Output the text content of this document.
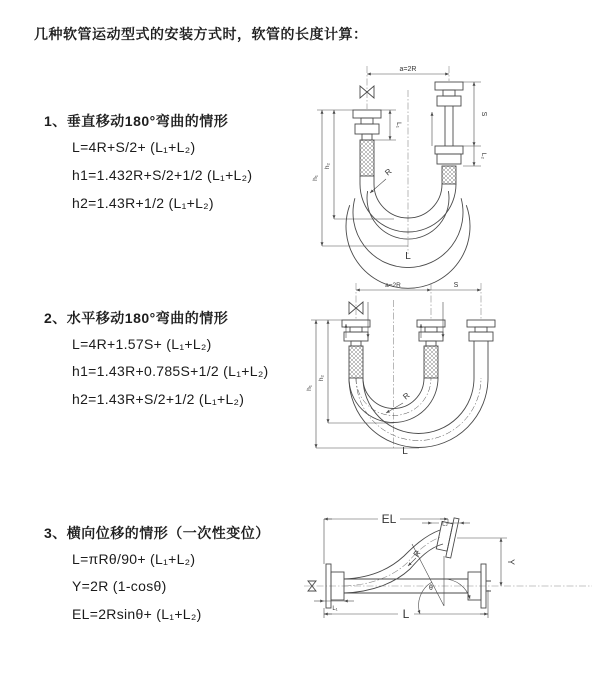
几种软管运动型式的安装方式时，软管的长度计算：
1、垂直移动180°弯曲的情形
L=4R+S/2+ (L₁+L₂)
h1=1.432R+S/2+1/2 (L₁+L₂)
h2=1.43R+1/2 (L₁+L₂)
2、水平移动180°弯曲的情形
L=4R+1.57S+ (L₁+L₂)
h1=1.43R+0.785S+1/2 (L₁+L₂)
h2=1.43R+S/2+1/2 (L₁+L₂)
3、横向位移的情形（一次性变位）
L=πRθ/90+ (L₁+L₂)
Y=2R (1-cosθ)
EL=2Rsinθ+ (L₁+L₂)
a=2R
L₁
S
L₂
h₁
h₂
R
L
a=2R	S
h₁
h₂
R
L
EL	L₂
Y
R
θ
L
L₁
